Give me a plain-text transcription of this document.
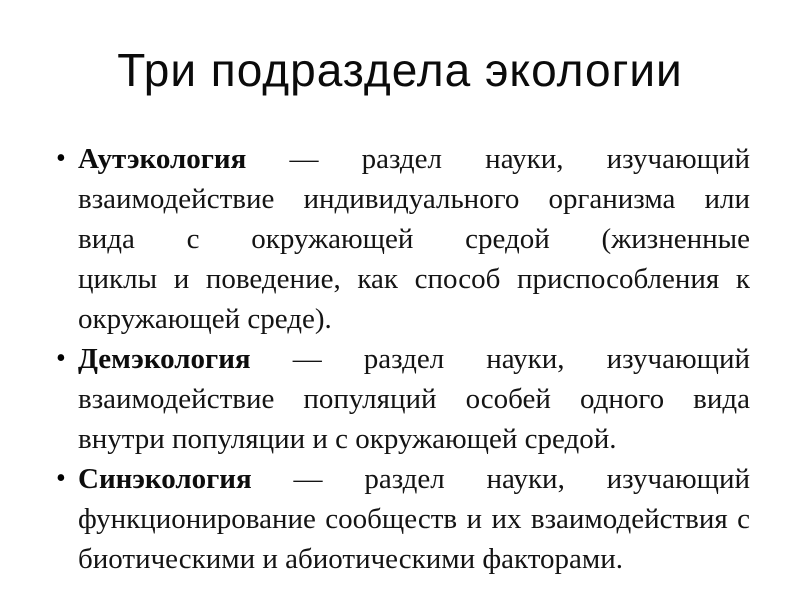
Три подраздела экологии
• Аутэкология — раздел науки, изучающий
взаимодействие индивидуального организма или
вида с окружающей средой (жизненные
циклы и поведение, как способ приспособления к
окружающей среде).
• Демэкология — раздел науки, изучающий
взаимодействие популяций особей одного вида
внутри популяции и с окружающей средой.
• Синэкология — раздел науки, изучающий
функционирование сообществ и их взаимодействия с
биотическими и абиотическими факторами.
